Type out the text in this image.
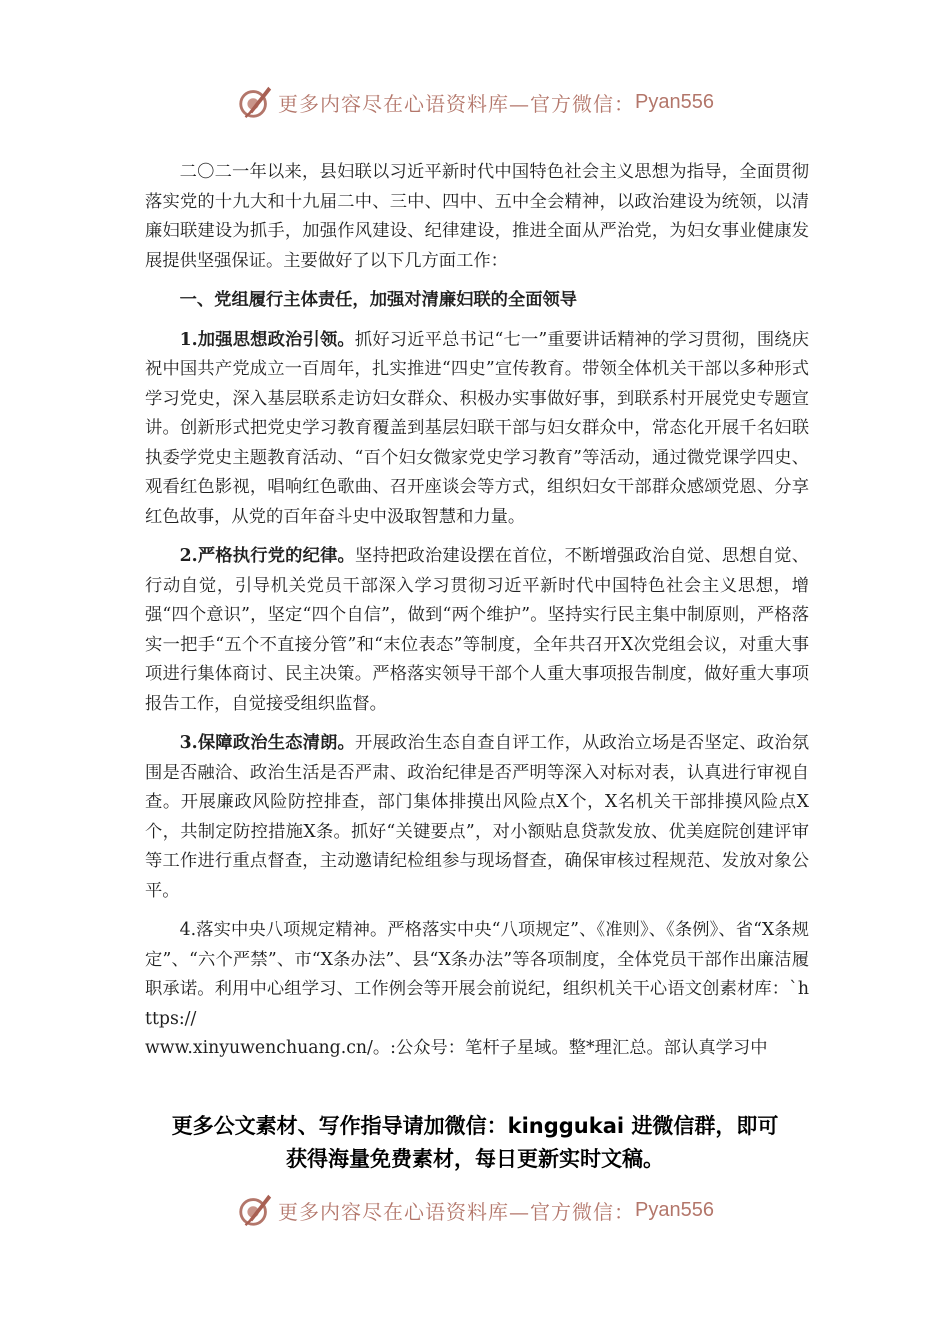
更多内容尽在心语资料库—官方微信： Pyan556

二〇二一年以来，县妇联以习近平新时代中国特色社会主义思想为指导，全面贯彻落实党的十九大和十九届二中、三中、四中、五中全会精神，以政治建设为统领，以清廉妇联建设为抓手，加强作风建设、纪律建设，推进全面从严治党，为妇女事业健康发展提供坚强保证。主要做好了以下几方面工作：

一、党组履行主体责任，加强对清廉妇联的全面领导

1.加强思想政治引领。抓好习近平总书记“七一”重要讲话精神的学习贯彻，围绕庆祝中国共产党成立一百周年，扎实推进“四史”宣传教育。带领全体机关干部以多种形式学习党史，深入基层联系走访妇女群众、积极办实事做好事，到联系村开展党史专题宣讲。创新形式把党史学习教育覆盖到基层妇联干部与妇女群众中，常态化开展千名妇联执委学党史主题教育活动、“百个妇女微家党史学习教育”等活动，通过微党课学四史、观看红色影视，唱响红色歌曲、召开座谈会等方式，组织妇女干部群众感颂党恩、分享红色故事，从党的百年奋斗史中汲取智慧和力量。

2.严格执行党的纪律。坚持把政治建设摆在首位，不断增强政治自觉、思想自觉、行动自觉，引导机关党员干部深入学习贯彻习近平新时代中国特色社会主义思想，增强“四个意识”，坚定“四个自信”，做到“两个维护”。坚持实行民主集中制原则，严格落实一把手“五个不直接分管”和“末位表态”等制度，全年共召开X次党组会议，对重大事项进行集体商讨、民主决策。严格落实领导干部个人重大事项报告制度，做好重大事项报告工作，自觉接受组织监督。

3.保障政治生态清朗。开展政治生态自查自评工作，从政治立场是否坚定、政治氛围是否融洽、政治生活是否严肃、政治纪律是否严明等深入对标对表，认真进行审视自查。开展廉政风险防控排查，部门集体排摸出风险点X个，X名机关干部排摸风险点X个，共制定防控措施X条。抓好“关键要点”，对小额贴息贷款发放、优美庭院创建评审等工作进行重点督查，主动邀请纪检组参与现场督查，确保审核过程规范、发放对象公平。

4.落实中央八项规定精神。严格落实中央“八项规定”、《准则》、《条例》、省“X条规定”、“六个严禁”、市“X条办法”、县“X条办法”等各项制度，全体党员干部作出廉洁履职承诺。利用中心组学习、工作例会等开展会前说纪，组织机关干心语文创素材库：`https://

www.xinyuwenchuang.cn/。:公众号：笔杆子星域。整*理汇总。部认真学习中

更多公文素材、写作指导请加微信：kinggukai 进微信群，即可
获得海量免费素材，每日更新实时文稿。
更多内容尽在心语资料库—官方微信： Pyan556
